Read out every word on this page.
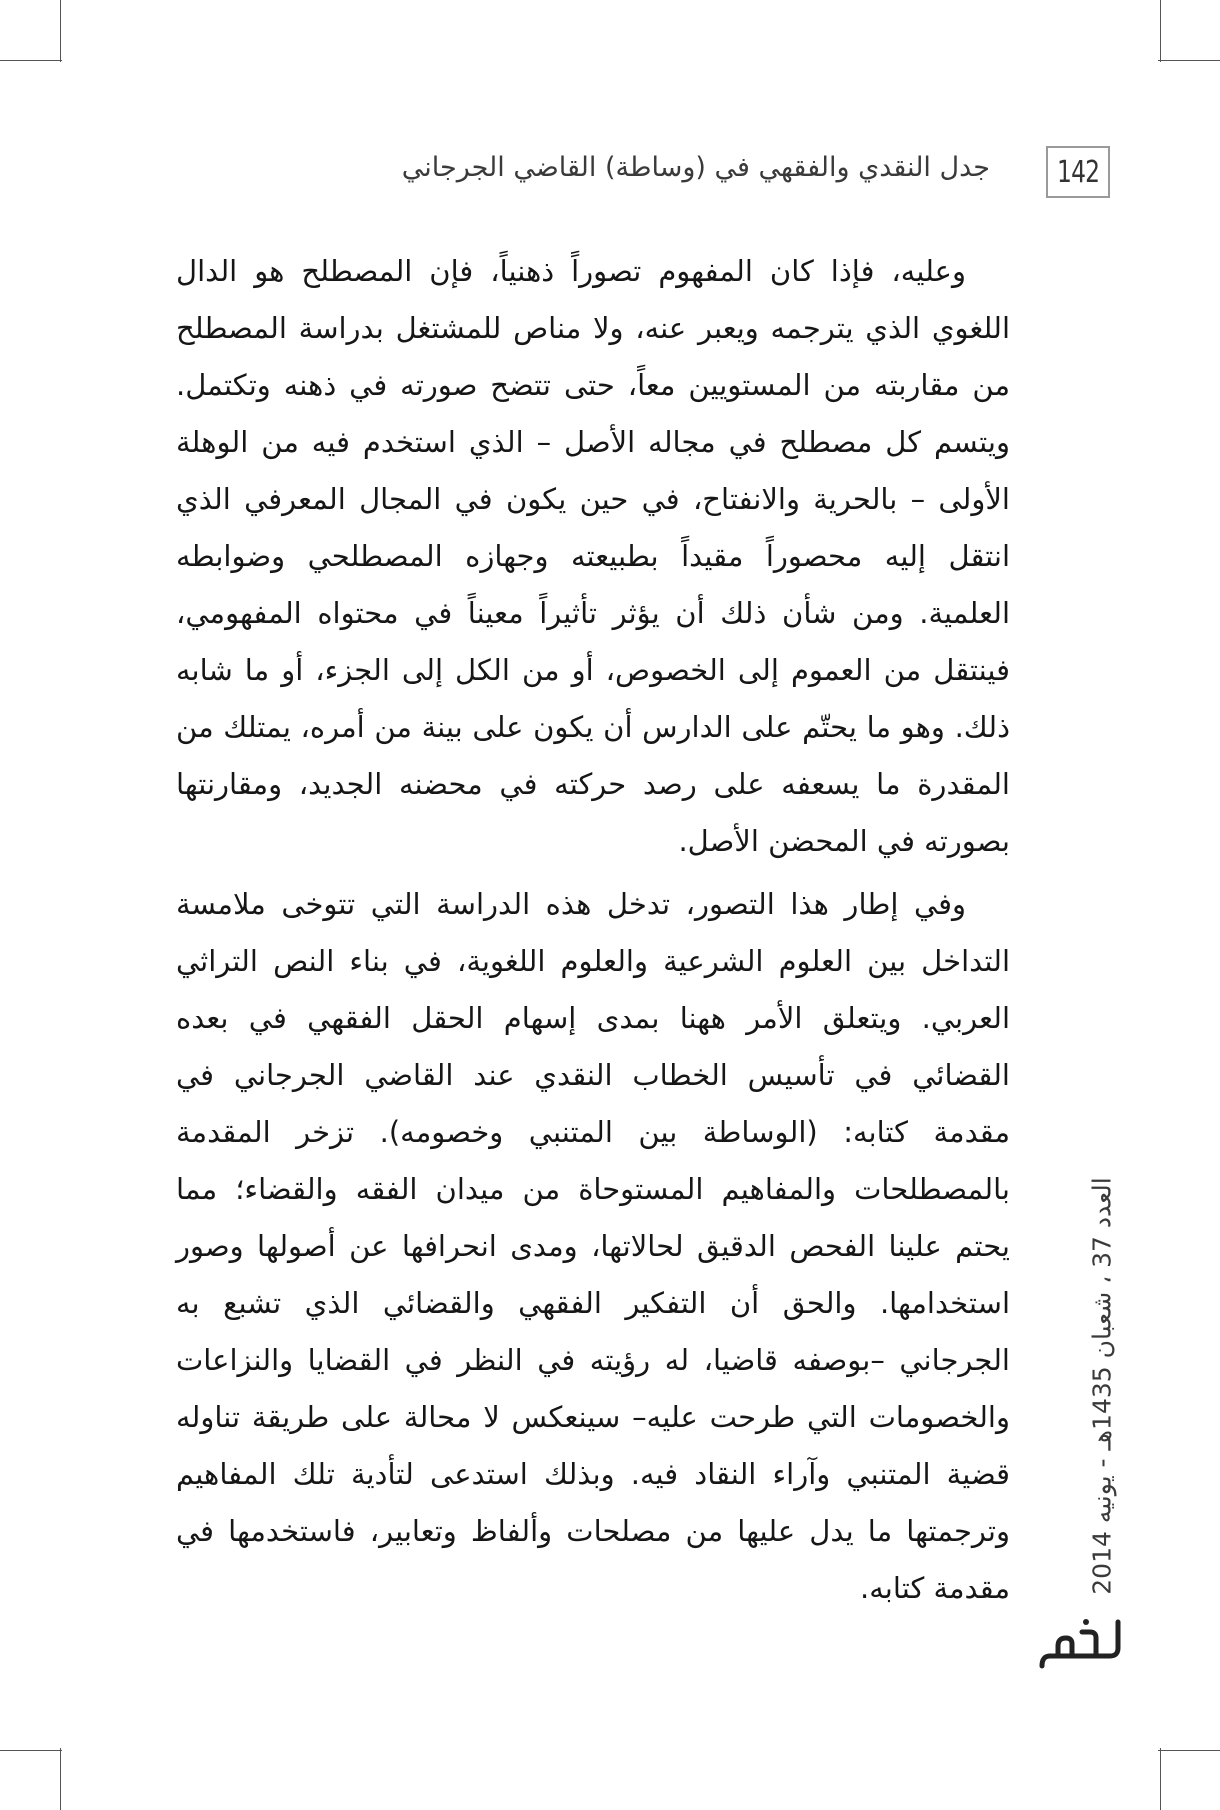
142
جدل النقدي والفقهي في (وساطة) القاضي الجرجاني

وعليه، فإذا كان المفهوم تصوراً ذهنياً، فإن المصطلح هو الدال اللغوي الذي يترجمه ويعبر عنه، ولا مناص للمشتغل بدراسة المصطلح من مقاربته من المستويين معاً، حتى تتضح صورته في ذهنه وتكتمل. ويتسم كل مصطلح في مجاله الأصل – الذي استخدم فيه من الوهلة الأولى – بالحرية والانفتاح، في حين يكون في المجال المعرفي الذي انتقل إليه محصوراً مقيداً بطبيعته وجهازه المصطلحي وضوابطه العلمية. ومن شأن ذلك أن يؤثر تأثيراً معيناً في محتواه المفهومي، فينتقل من العموم إلى الخصوص، أو من الكل إلى الجزء، أو ما شابه ذلك. وهو ما يحتّم على الدارس أن يكون على بينة من أمره، يمتلك من المقدرة ما يسعفه على رصد حركته في محضنه الجديد، ومقارنتها بصورته في المحضن الأصل.

وفي إطار هذا التصور، تدخل هذه الدراسة التي تتوخى ملامسة التداخل بين العلوم الشرعية والعلوم اللغوية، في بناء النص التراثي العربي. ويتعلق الأمر ههنا بمدى إسهام الحقل الفقهي في بعده القضائي في تأسيس الخطاب النقدي عند القاضي الجرجاني في مقدمة كتابه: (الوساطة بين المتنبي وخصومه). تزخر المقدمة بالمصطلحات والمفاهيم المستوحاة من ميدان الفقه والقضاء؛ مما يحتم علينا الفحص الدقيق لحالاتها، ومدى انحرافها عن أصولها وصور استخدامها. والحق أن التفكير الفقهي والقضائي الذي تشبع به الجرجاني –بوصفه قاضيا، له رؤيته في النظر في القضايا والنزاعات والخصومات التي طرحت عليه– سينعكس لا محالة على طريقة تناوله قضية المتنبي وآراء النقاد فيه. وبذلك استدعى لتأدية تلك المفاهيم وترجمتها ما يدل عليها من مصلحات وألفاظ وتعابير، فاستخدمها في مقدمة كتابه.	العدد 37 ، شعبان 1435هـ - يونيه 2014
